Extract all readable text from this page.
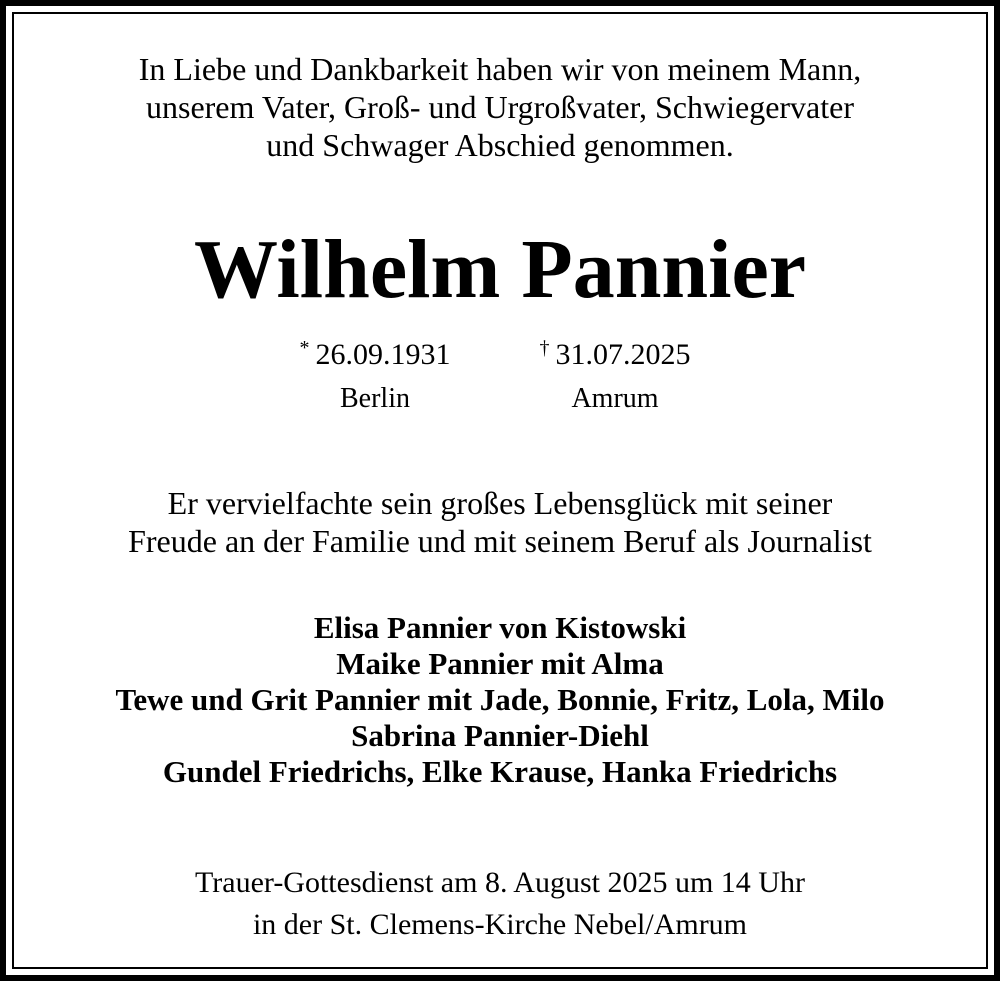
In Liebe und Dankbarkeit haben wir von meinem Mann,
unserem Vater, Groß- und Urgroßvater, Schwiegervater
und Schwager Abschied genommen.
Wilhelm Pannier
* 26.09.1931
Berlin
† 31.07.2025
Amrum
Er vervielfachte sein großes Lebensglück mit seiner
Freude an der Familie und mit seinem Beruf als Journalist
Elisa Pannier von Kistowski
Maike Pannier mit Alma
Tewe und Grit Pannier mit Jade, Bonnie, Fritz, Lola, Milo
Sabrina Pannier-Diehl
Gundel Friedrichs, Elke Krause, Hanka Friedrichs
Trauer-Gottesdienst am 8. August 2025 um 14 Uhr
in der St. Clemens-Kirche Nebel/Amrum
